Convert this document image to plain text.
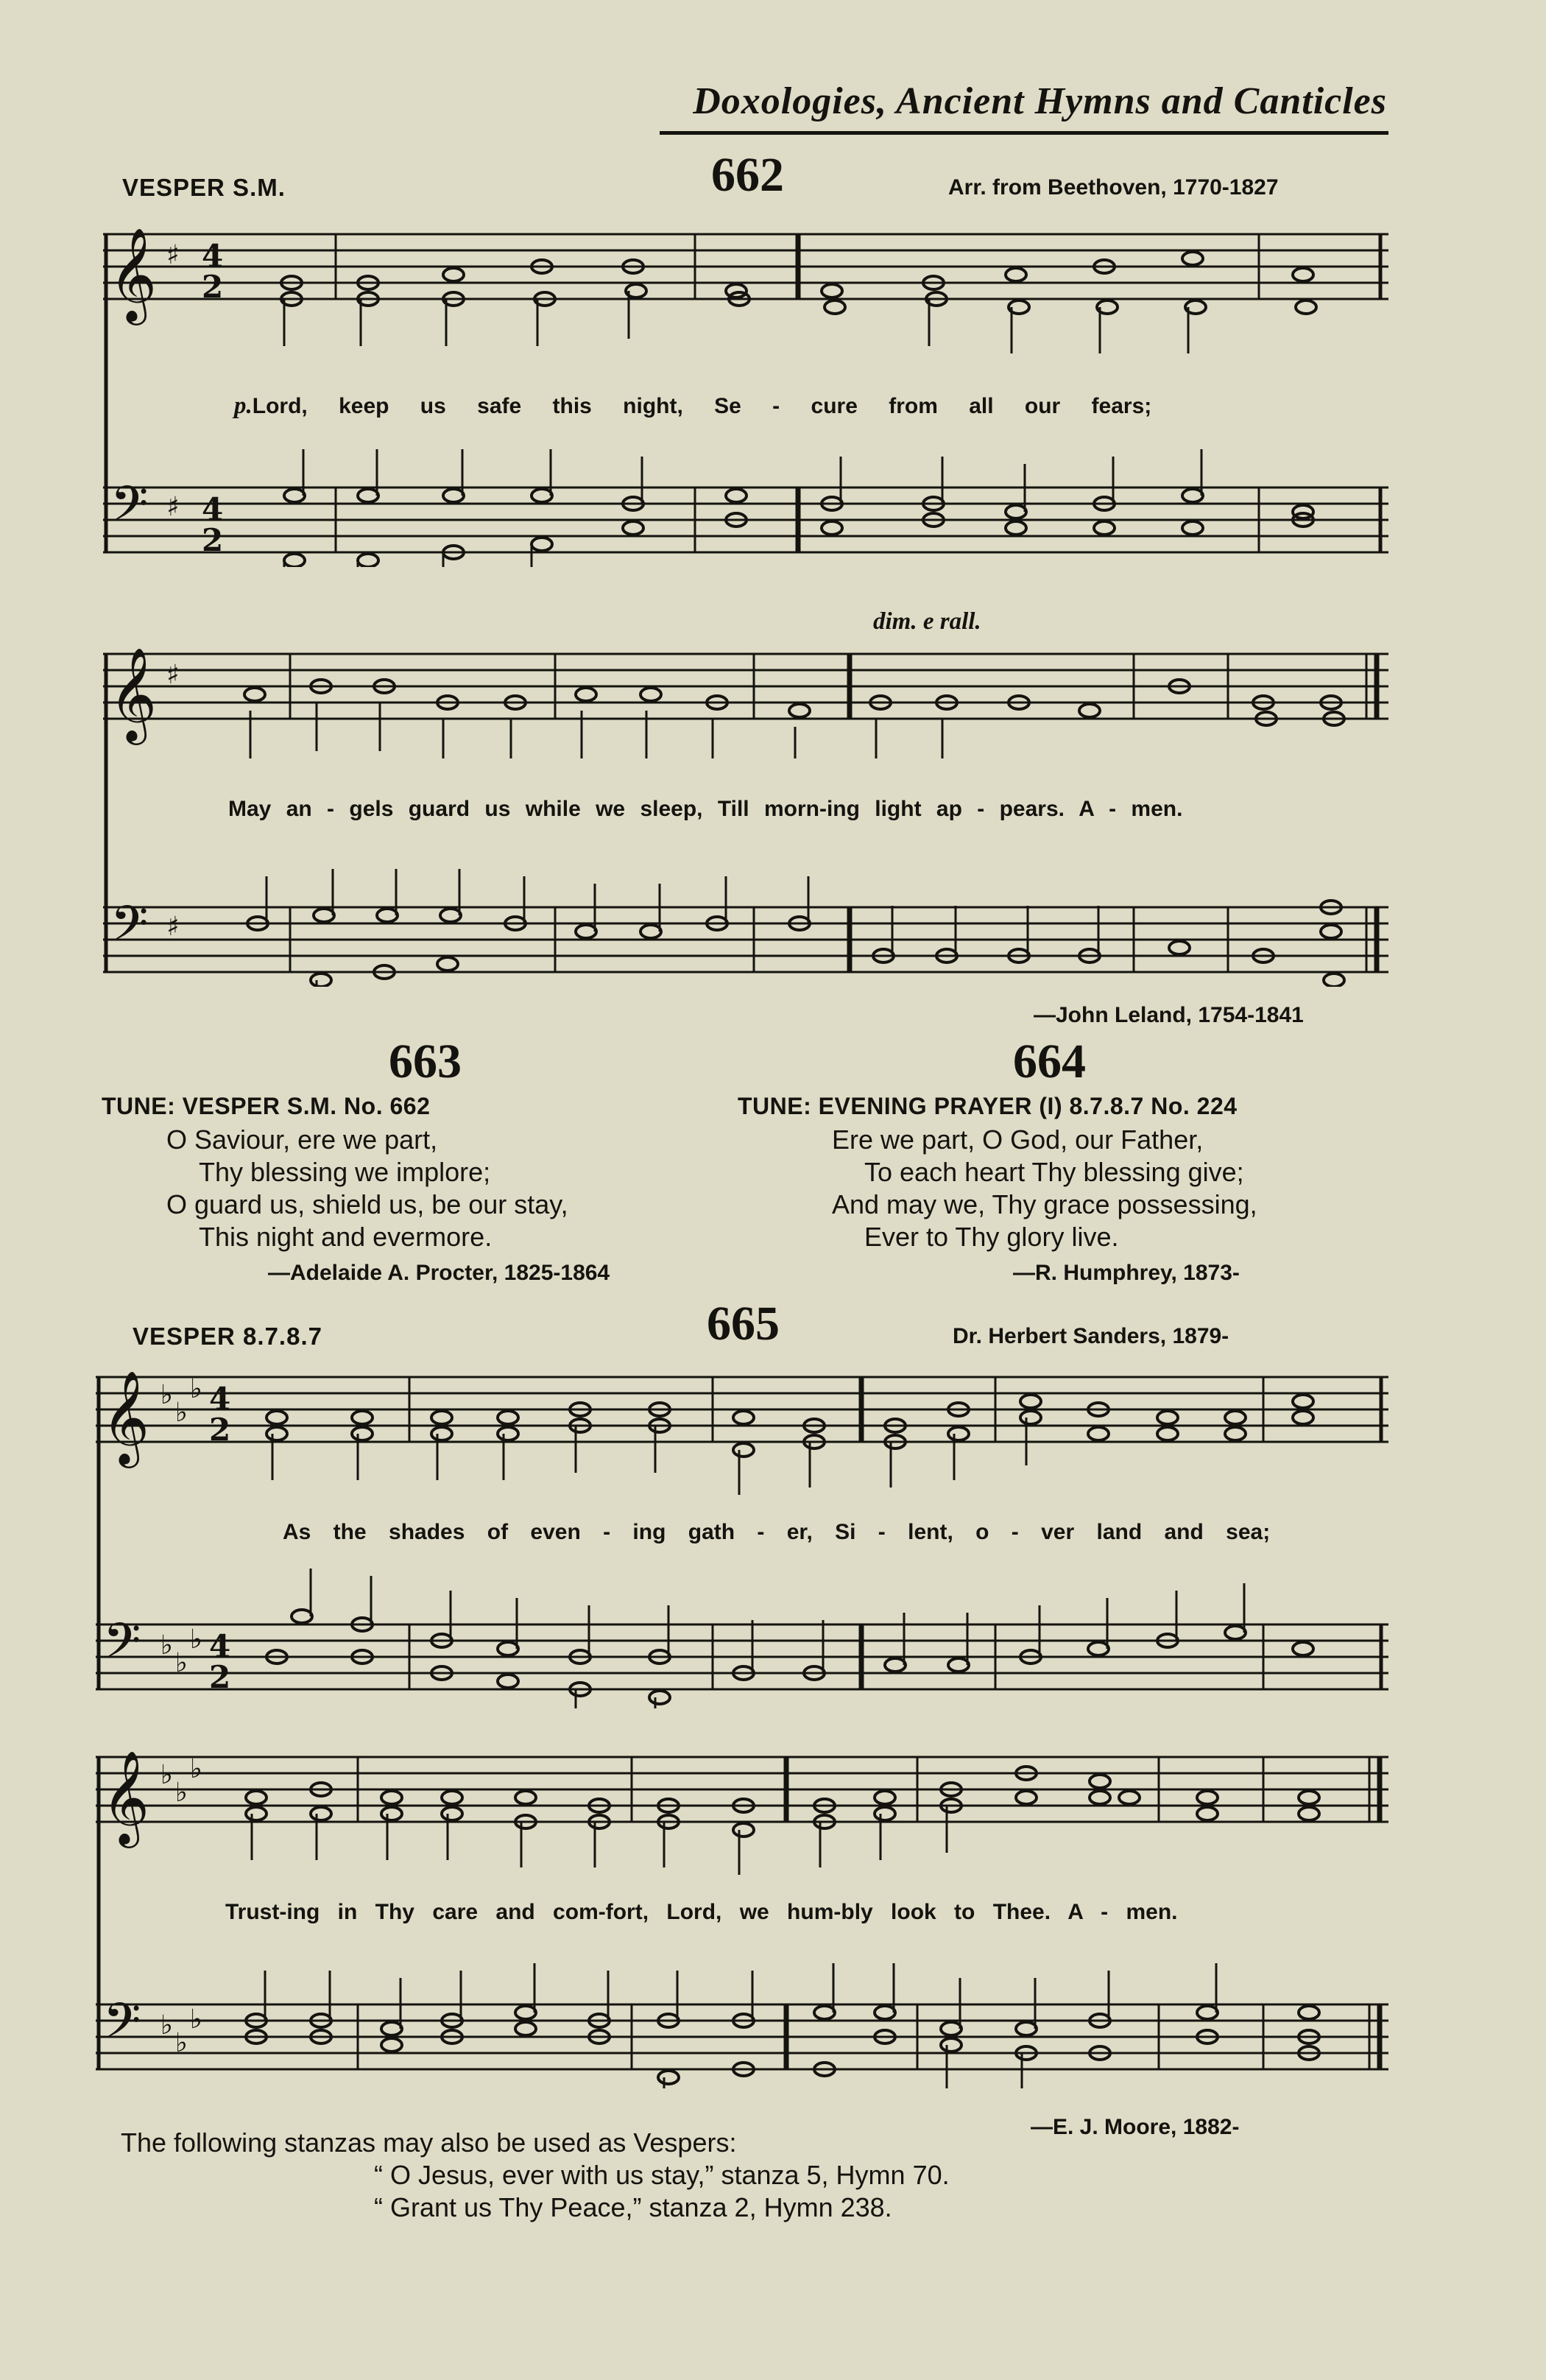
Doxologies, Ancient Hymns and Canticles
VESPER S.M.	662	Arr. from Beethoven, 1770-1827
𝄞
𝄢
♯
♯
4
2
4
2
p.Lord, keep us safe this night, Se - cure from all our fears;
dim. e rall.
𝄞
𝄢
♯
♯
May an - gels guard us while we sleep, Till morn-ing light ap - pears. A - men.
—John Leland, 1754-1841
663
TUNE: VESPER S.M. No. 662
O Saviour, ere we part,
Thy blessing we implore;
O guard us, shield us, be our stay,
This night and evermore.
—Adelaide A. Procter, 1825-1864
664
TUNE: EVENING PRAYER (I) 8.7.8.7 No. 224
Ere we part, O God, our Father,
To each heart Thy blessing give;
And may we, Thy grace possessing,
Ever to Thy glory live.
—R. Humphrey, 1873-
VESPER 8.7.8.7	665	Dr. Herbert Sanders, 1879-
𝄞
𝄢
♭
♭
♭
♭
♭
♭
4
2
4
2
As the shades of even - ing gath - er, Si - lent, o - ver land and sea;
𝄞
𝄢
♭
♭
♭
♭
♭
♭
Trust-ing in Thy care and com-fort, Lord, we hum-bly look to Thee. A - men.
—E. J. Moore, 1882-
The following stanzas may also be used as Vespers:
“ O Jesus, ever with us stay,” stanza 5, Hymn 70.
“ Grant us Thy Peace,” stanza 2, Hymn 238.
